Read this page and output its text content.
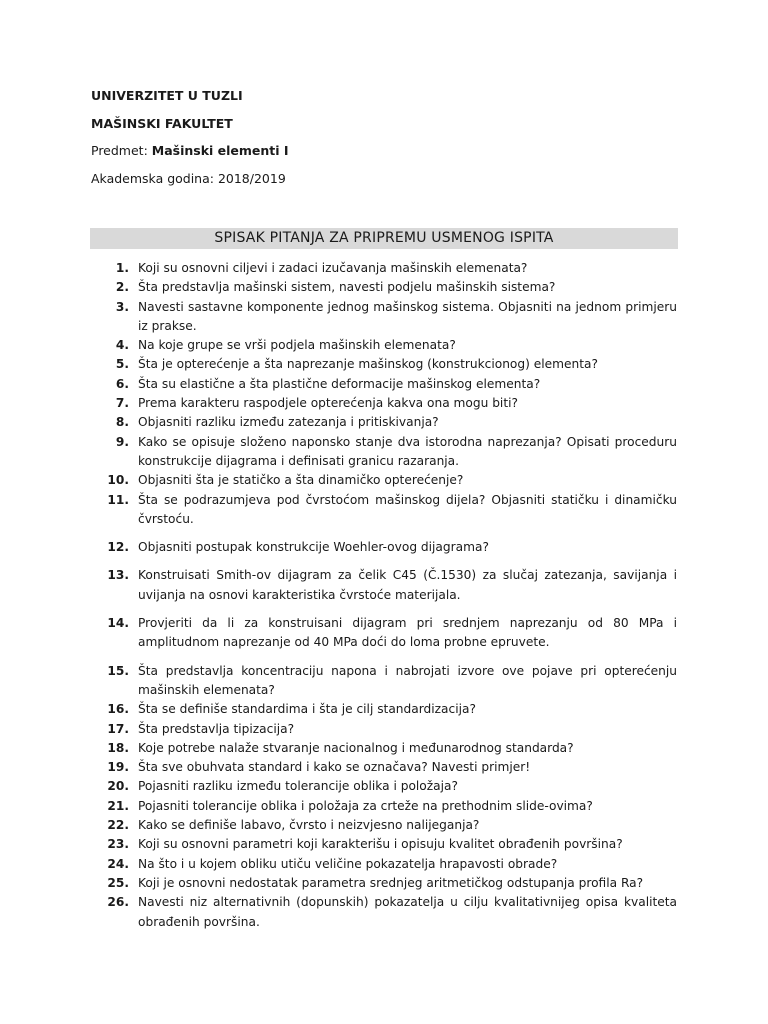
UNIVERZITET U TUZLI
MAŠINSKI FAKULTET
Predmet: Mašinski elementi I
Akademska godina: 2018/2019
SPISAK PITANJA ZA PRIPREMU USMENOG ISPITA
1. Koji su osnovni ciljevi i zadaci izučavanja mašinskih elemenata?
2. Šta predstavlja mašinski sistem, navesti podjelu mašinskih sistema?
3. Navesti sastavne komponente jednog mašinskog sistema. Objasniti na jednom primjeru iz prakse.
4. Na koje grupe se vrši podjela mašinskih elemenata?
5. Šta je opterećenje a šta naprezanje mašinskog (konstrukcionog) elementa?
6. Šta su elastične a šta plastične deformacije mašinskog elementa?
7. Prema karakteru raspodjele opterećenja kakva ona mogu biti?
8. Objasniti razliku između zatezanja i pritiskivanja?
9. Kako se opisuje složeno naponsko stanje dva istorodna naprezanja? Opisati proceduru konstrukcije dijagrama i definisati granicu razaranja.
10. Objasniti šta je statičko a šta dinamičko opterećenje?
11. Šta se podrazumjeva pod čvrstoćom mašinskog dijela? Objasniti statičku i dinamičku čvrstoću.
12. Objasniti postupak konstrukcije Woehler-ovog dijagrama?
13. Konstruisati Smith-ov dijagram za čelik C45 (Č.1530) za slučaj zatezanja, savijanja i uvijanja na osnovi karakteristika čvrstoće materijala.
14. Provjeriti da li za konstruisani dijagram pri srednjem naprezanju od 80 MPa i amplitudnom naprezanje od 40 MPa doći do loma probne epruvete.
15. Šta predstavlja koncentraciju napona i nabrojati izvore ove pojave pri opterećenju mašinskih elemenata?
16. Šta se definiše standardima i šta je cilj standardizacija?
17. Šta predstavlja tipizacija?
18. Koje potrebe nalaže stvaranje nacionalnog i međunarodnog standarda?
19. Šta sve obuhvata standard i kako se označava? Navesti primjer!
20. Pojasniti razliku između tolerancije oblika i položaja?
21. Pojasniti tolerancije oblika i položaja za crteže na prethodnim slide-ovima?
22. Kako se definiše labavo, čvrsto i neizvjesno nalijeganja?
23. Koji su osnovni parametri koji karakterišu i opisuju kvalitet obrađenih površina?
24. Na što i u kojem obliku utiču veličine pokazatelja hrapavosti obrade?
25. Koji je osnovni nedostatak parametra srednjeg aritmetičkog odstupanja profila Ra?
26. Navesti niz alternativnih (dopunskih) pokazatelja u cilju kvalitativnijeg opisa kvaliteta obrađenih površina.
